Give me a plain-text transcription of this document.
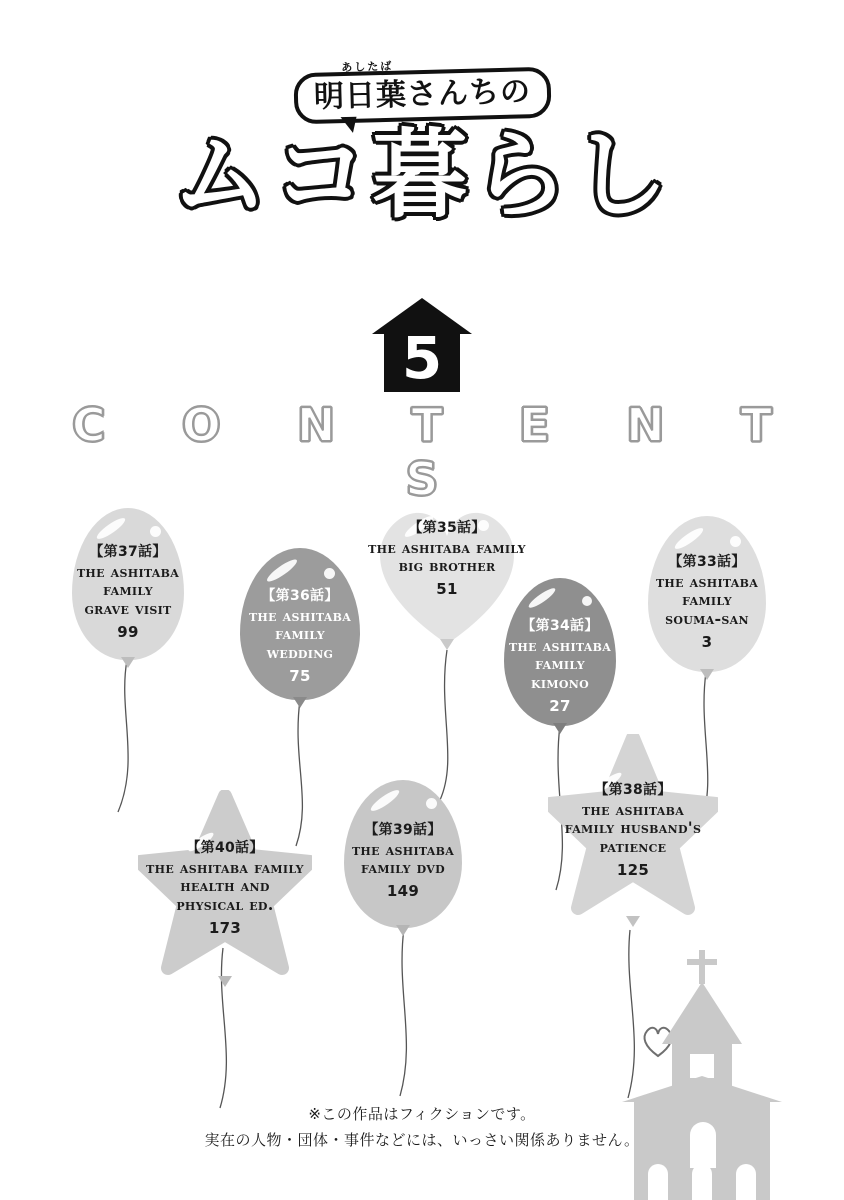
あしたば
明日葉さんちの
ムコ暮らし
5
C O N T E N T S
【第37話】
the ashitaba family
grave visit
99
【第36話】
the ashitaba
family wedding
75
【第35話】
the ashitaba family
big brother
51
【第34話】
the ashitaba
family kimono
27
【第33話】
the ashitaba family
souma-san
3
【第38話】
the ashitaba
family husband's
patience
125
【第39話】
the ashitaba
family dvd
149
【第40話】
the ashitaba family
health and
physical ed.
173
※この作品はフィクションです。
実在の人物・団体・事件などには、いっさい関係ありません。
